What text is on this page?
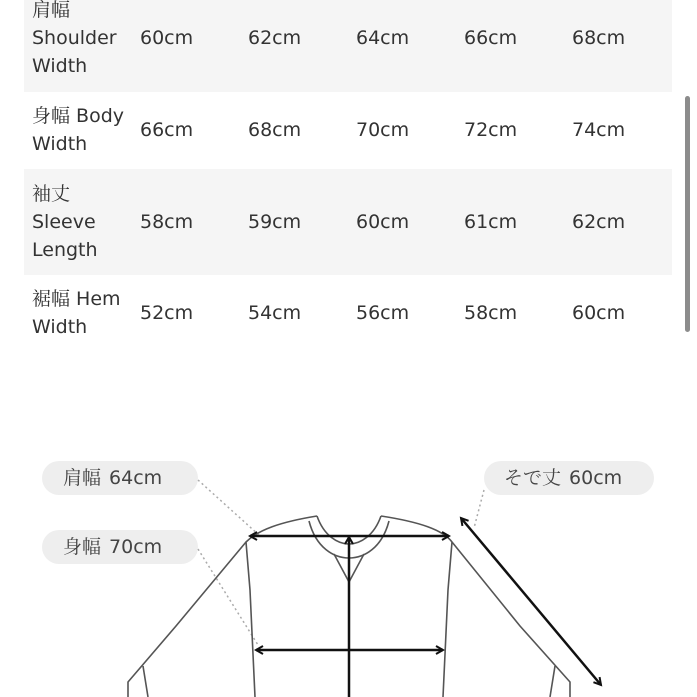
肩幅
Shoulder
Width
60cm	62cm	64cm	66cm	68cm
身幅 Body
Width
66cm	68cm	70cm	72cm	74cm
袖丈
Sleeve
Length
58cm	59cm	60cm	61cm	62cm
裾幅 Hem
Width
52cm	54cm	56cm	58cm	60cm
肩幅 64cm
身幅 70cm
そで丈 60cm
